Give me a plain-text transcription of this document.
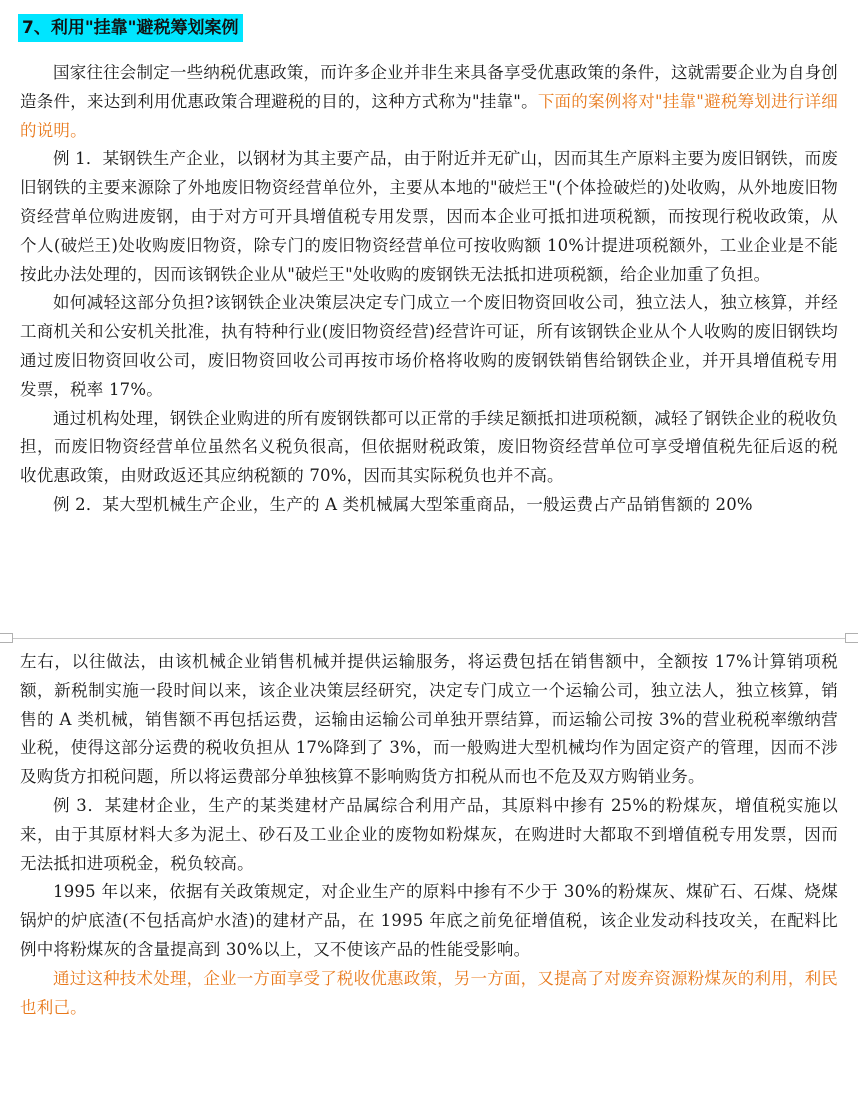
7、利用"挂靠"避税筹划案例

国家往往会制定一些纳税优惠政策，而许多企业并非生来具备享受优惠政策的条件，这就需要企业为自身创造条件，来达到利用优惠政策合理避税的目的，这种方式称为"挂靠"。下面的案例将对"挂靠"避税筹划进行详细的说明。

例 1．某钢铁生产企业，以钢材为其主要产品，由于附近并无矿山，因而其生产原料主要为废旧钢铁，而废旧钢铁的主要来源除了外地废旧物资经营单位外，主要从本地的"破烂王"(个体捡破烂的)处收购，从外地废旧物资经营单位购进废钢，由于对方可开具增值税专用发票，因而本企业可抵扣进项税额，而按现行税收政策，从个人(破烂王)处收购废旧物资，除专门的废旧物资经营单位可按收购额 10%计提进项税额外，工业企业是不能按此办法处理的，因而该钢铁企业从"破烂王"处收购的废钢铁无法抵扣进项税额，给企业加重了负担。

如何减轻这部分负担?该钢铁企业决策层决定专门成立一个废旧物资回收公司，独立法人，独立核算，并经工商机关和公安机关批准，执有特种行业(废旧物资经营)经营许可证，所有该钢铁企业从个人收购的废旧钢铁均通过废旧物资回收公司，废旧物资回收公司再按市场价格将收购的废钢铁销售给钢铁企业，并开具增值税专用发票，税率 17%。

通过机构处理，钢铁企业购进的所有废钢铁都可以正常的手续足额抵扣进项税额，减轻了钢铁企业的税收负担，而废旧物资经营单位虽然名义税负很高，但依据财税政策，废旧物资经营单位可享受增值税先征后返的税收优惠政策，由财政返还其应纳税额的 70%，因而其实际税负也并不高。

例 2．某大型机械生产企业，生产的 A 类机械属大型笨重商品，一般运费占产品销售额的 20%

左右，以往做法，由该机械企业销售机械并提供运输服务，将运费包括在销售额中，全额按 17%计算销项税额，新税制实施一段时间以来，该企业决策层经研究，决定专门成立一个运输公司，独立法人，独立核算，销售的 A 类机械，销售额不再包括运费，运输由运输公司单独开票结算，而运输公司按 3%的营业税税率缴纳营业税，使得这部分运费的税收负担从 17%降到了 3%，而一般购进大型机械均作为固定资产的管理，因而不涉及购货方扣税问题，所以将运费部分单独核算不影响购货方扣税从而也不危及双方购销业务。

例 3．某建材企业，生产的某类建材产品属综合利用产品，其原料中掺有 25%的粉煤灰，增值税实施以来，由于其原材料大多为泥土、砂石及工业企业的废物如粉煤灰，在购进时大都取不到增值税专用发票，因而无法抵扣进项税金，税负较高。

1995 年以来，依据有关政策规定，对企业生产的原料中掺有不少于 30%的粉煤灰、煤矿石、石煤、烧煤锅炉的炉底渣(不包括高炉水渣)的建材产品，在 1995 年底之前免征增值税，该企业发动科技攻关，在配料比例中将粉煤灰的含量提高到 30%以上，又不使该产品的性能受影响。

通过这种技术处理，企业一方面享受了税收优惠政策，另一方面，又提高了对废弃资源粉煤灰的利用，利民也利己。
